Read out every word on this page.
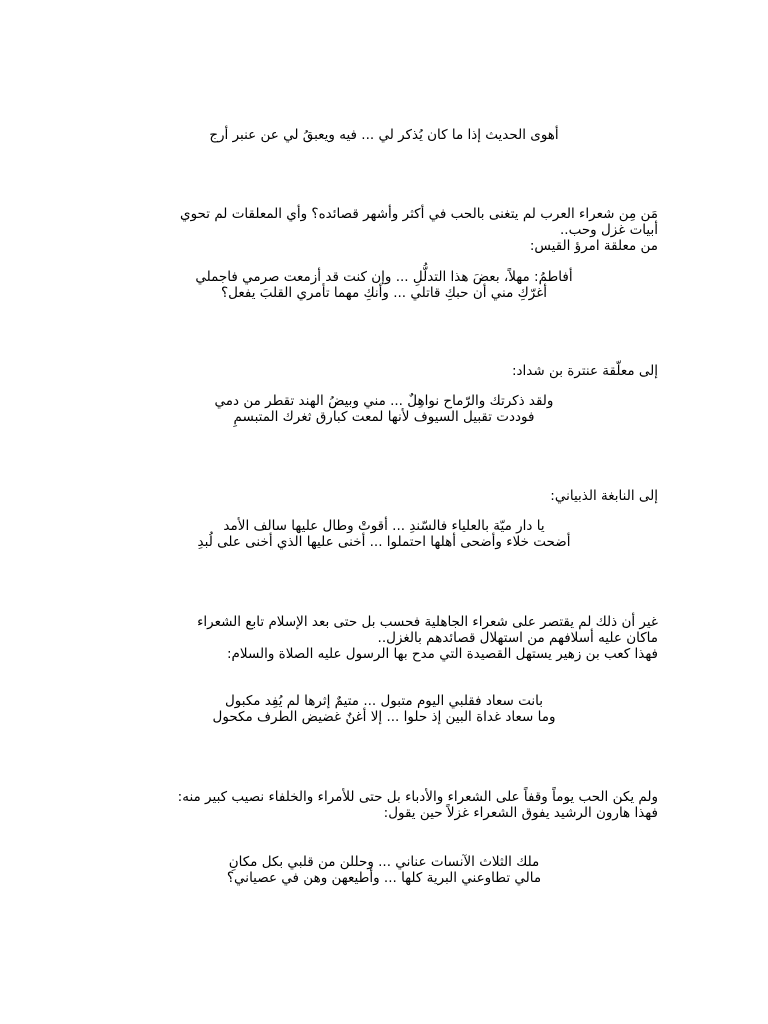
أهوى الحديث إذا ما كان يُذكر لي ... فيه ويعبقُ لي عن عنبر أرج
مَن مِن شعراء العرب لم يتغنى بالحب في أكثر وأشهر قصائده؟ وأي المعلقات لم تحوي
أبيات غزل وحب..
من معلقة امرؤ القيس:
أفاطمُ: مهلاً، بعضَ هذا التدلُّلِ ... وإن كنت قد أزمعت صرمي فاجملي
أغرّكِ مني أن حبكِ قاتلي ... وأنكِ مهما تأمري القلبَ يفعل؟
إلى معلّقة عنترة بن شداد:
ولقد ذكرتك والرّماح نواهِلٌ ... مني وبيضُ الهند تقطر من دمي
فوددت تقبيل السيوف لأنها لمعت كبارق ثغرك المتبسمِ
إلى النابغة الذبياني:
يا دار ميّة بالعلياء فالسّندِ ... أقوتْ وطال عليها سالف الأمد
أضحت خلاء وأضحى أهلها احتملوا ... أخنى عليها الذي أخنى على لُبدِ
غير أن ذلك لم يقتصر على شعراء الجاهلية فحسب بل حتى بعد الإسلام تابع الشعراء
ماكان عليه أسلافهم من استهلال قصائدهم بالغزل..
فهذا كعب بن زهير يستهل القصيدة التي مدح بها الرسول عليه الصلاة والسلام:
بانت سعاد فقلبي اليوم متبول ... متيمٌ إثرها لم يُفِد مكبول
وما سعاد غداة البين إذ حلوا ... إلا أغنٌ غضيض الطرف مكحول
ولم يكن الحب يوماً وقفاً على الشعراء والأدباء بل حتى للأمراء والخلفاء نصيب كبير منه:
فهذا هارون الرشيد يفوق الشعراء غزلاً حين يقول:
ملك الثلاث الآنسات عناني ... وحللن من قلبي بكل مكانِ
مالي تطاوعني البرية كلها ... وأطيعهن وهن في عصياني؟
